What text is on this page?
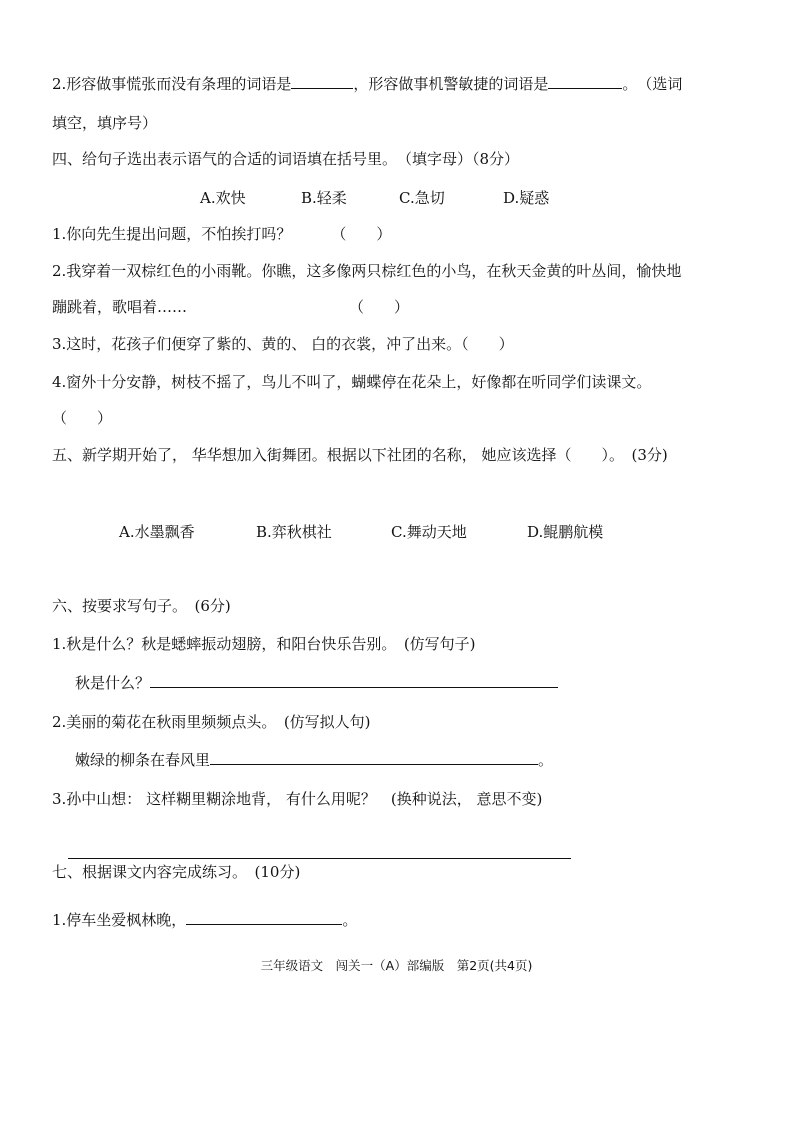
2.形容做事慌张而没有条理的词语是	，形容做事机警敏捷的词语是	。　（选词
填空，填序号）
四、给句子选出表示语气的合适的词语填在括号里。　（填字母）（8分）
A.欢快	B.轻柔	C.急切	D.疑惑
1.你向先生提出问题，不怕挨打吗？	（　　）
2.我穿着一双棕红色的小雨靴。你瞧，这多像两只棕红色的小鸟，在秋天金黄的叶丛间，愉快地
蹦跳着，歌唱着……	（　　）
3.这时，花孩子们便穿了紫的、黄的、 白的衣裳，冲了出来。（　　）
4.窗外十分安静，树枝不摇了，鸟儿不叫了，蝴蝶停在花朵上，好像都在听同学们读课文。
（　　）
五、新学期开始了， 华华想加入街舞团。根据以下社团的名称， 她应该选择（　　）。　(3分)
A.水墨飘香	B.弈秋棋社	C.舞动天地	D.鲲鹏航模
六、按要求写句子。　(6分)
1.秋是什么？秋是蟋蟀振动翅膀，和阳台快乐告别。　(仿写句子)
秋是什么？
2.美丽的菊花在秋雨里频频点头。　(仿写拟人句)
嫩绿的柳条在春风里	。
3.孙中山想： 这样糊里糊涂地背， 有什么用呢？　(换种说法， 意思不变)
七、根据课文内容完成练习。　(10分)
1.停车坐爱枫林晚，	。
三年级语文　闯关一（A）部编版　第2页(共4页)
